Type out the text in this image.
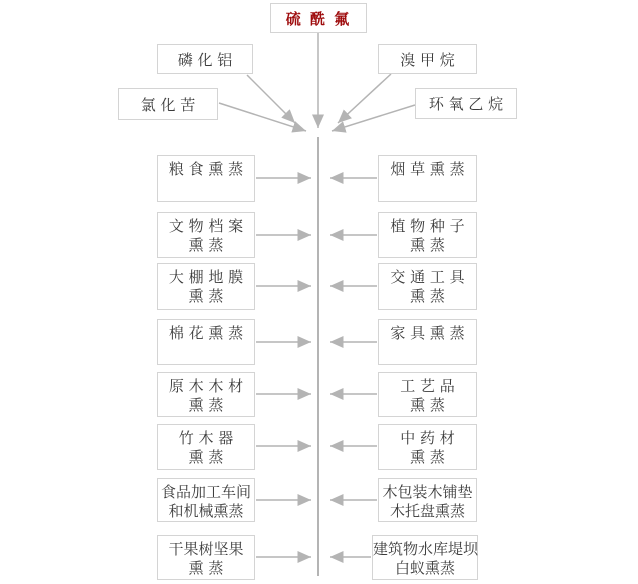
硫 酰 氟
磷 化 铝
氯 化 苦
溴 甲 烷
环 氧 乙 烷
粮 食 熏 蒸
文 物 档 案
熏 蒸
大 棚 地 膜
熏 蒸
棉 花 熏 蒸
原 木 木 材
熏 蒸
竹 木 器
熏 蒸
食品加工车间
和机械熏蒸
干果树坚果
熏 蒸
烟 草 熏 蒸
植 物 种 子
熏 蒸
交 通 工 具
熏 蒸
家 具 熏 蒸
工 艺 品
熏 蒸
中 药 材
熏 蒸
木包装木铺垫
木托盘熏蒸
建筑物水库堤坝
白蚁熏蒸
